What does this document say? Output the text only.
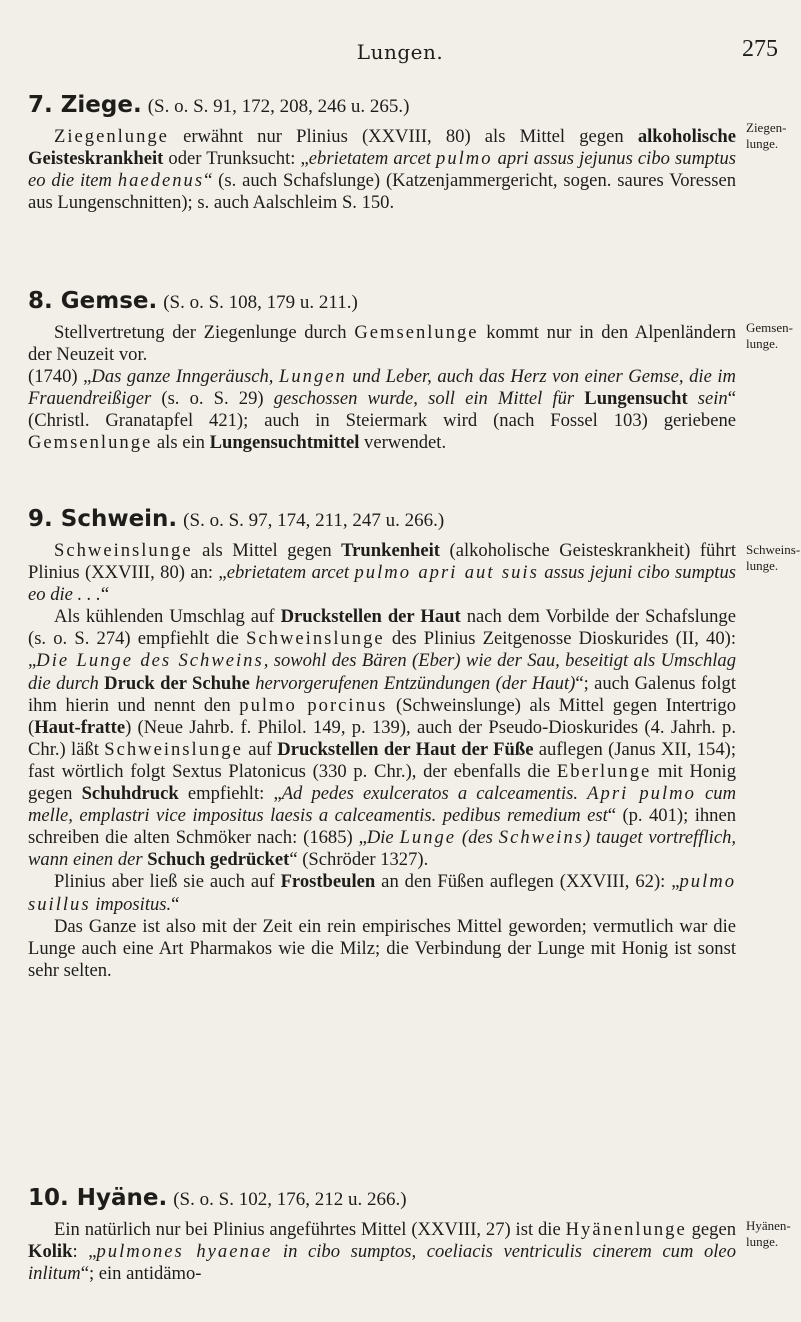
Lungen.	275
7. Ziege. (S. o. S. 91, 172, 208, 246 u. 265.)

Ziegenlunge erwähnt nur Plinius (XXVIII, 80) als Mittel gegen alkoholische Geisteskrankheit oder Trunksucht: „ebrietatem arcet pulmo apri assus jejunus cibo sumptus eo die item haedenus“ (s. auch Schafslunge) (Katzenjammergericht, sogen. saures Voressen aus Lungenschnitten); s. auch Aalschleim S. 150.

Ziegen-lunge.
8. Gemse. (S. o. S. 108, 179 u. 211.)

Stellvertretung der Ziegenlunge durch Gemsenlunge kommt nur in den Alpenländern der Neuzeit vor.
(1740) „Das ganze Inngeräusch, Lungen und Leber, auch das Herz von einer Gemse, die im Frauendreißiger (s. o. S. 29) geschossen wurde, soll ein Mittel für Lungensucht sein“ (Christl. Granatapfel 421); auch in Steiermark wird (nach Fossel 103) geriebene Gemsenlunge als ein Lungensuchtmittel verwendet.

Gemsen-lunge.
9. Schwein. (S. o. S. 97, 174, 211, 247 u. 266.)

Schweinslunge als Mittel gegen Trunkenheit (alkoholische Geisteskrankheit) führt Plinius (XXVIII, 80) an: „ebrietatem arcet pulmo apri aut suis assus jejuni cibo sumptus eo die . . .“

Als kühlenden Umschlag auf Druckstellen der Haut nach dem Vorbilde der Schafslunge (s. o. S. 274) empfiehlt die Schweinslunge des Plinius Zeitgenosse Dioskurides (II, 40): „Die Lunge des Schweins, sowohl des Bären (Eber) wie der Sau, beseitigt als Umschlag die durch Druck der Schuhe hervorgerufenen Entzündungen (der Haut)“; auch Galenus folgt ihm hierin und nennt den pulmo porcinus (Schweinslunge) als Mittel gegen Intertrigo (Haut-fratte) (Neue Jahrb. f. Philol. 149, p. 139), auch der Pseudo-Dioskurides (4. Jahrh. p. Chr.) läßt Schweinslunge auf Druckstellen der Haut der Füße auflegen (Janus XII, 154); fast wörtlich folgt Sextus Platonicus (330 p. Chr.), der ebenfalls die Eberlunge mit Honig gegen Schuhdruck empfiehlt: „Ad pedes exulceratos a calceamentis. Apri pulmo cum melle, emplastri vice impositus laesis a calceamentis. pedibus remedium est“ (p. 401); ihnen schreiben die alten Schmöker nach: (1685) „Die Lunge (des Schweins) tauget vortrefflich, wann einen der Schuch gedrücket“ (Schröder 1327).

Plinius aber ließ sie auch auf Frostbeulen an den Füßen auflegen (XXVIII, 62): „pulmo suillus impositus.“

Das Ganze ist also mit der Zeit ein rein empirisches Mittel geworden; vermutlich war die Lunge auch eine Art Pharmakos wie die Milz; die Verbindung der Lunge mit Honig ist sonst sehr selten.

Schweins-lunge.
10. Hyäne. (S. o. S. 102, 176, 212 u. 266.)

Ein natürlich nur bei Plinius angeführtes Mittel (XXVIII, 27) ist die Hyänenlunge gegen Kolik: „pulmones hyaenae in cibo sumptos, coeliacis ventriculis cinerem cum oleo inlitum“; ein antidämo-

Hyänen-lunge.
